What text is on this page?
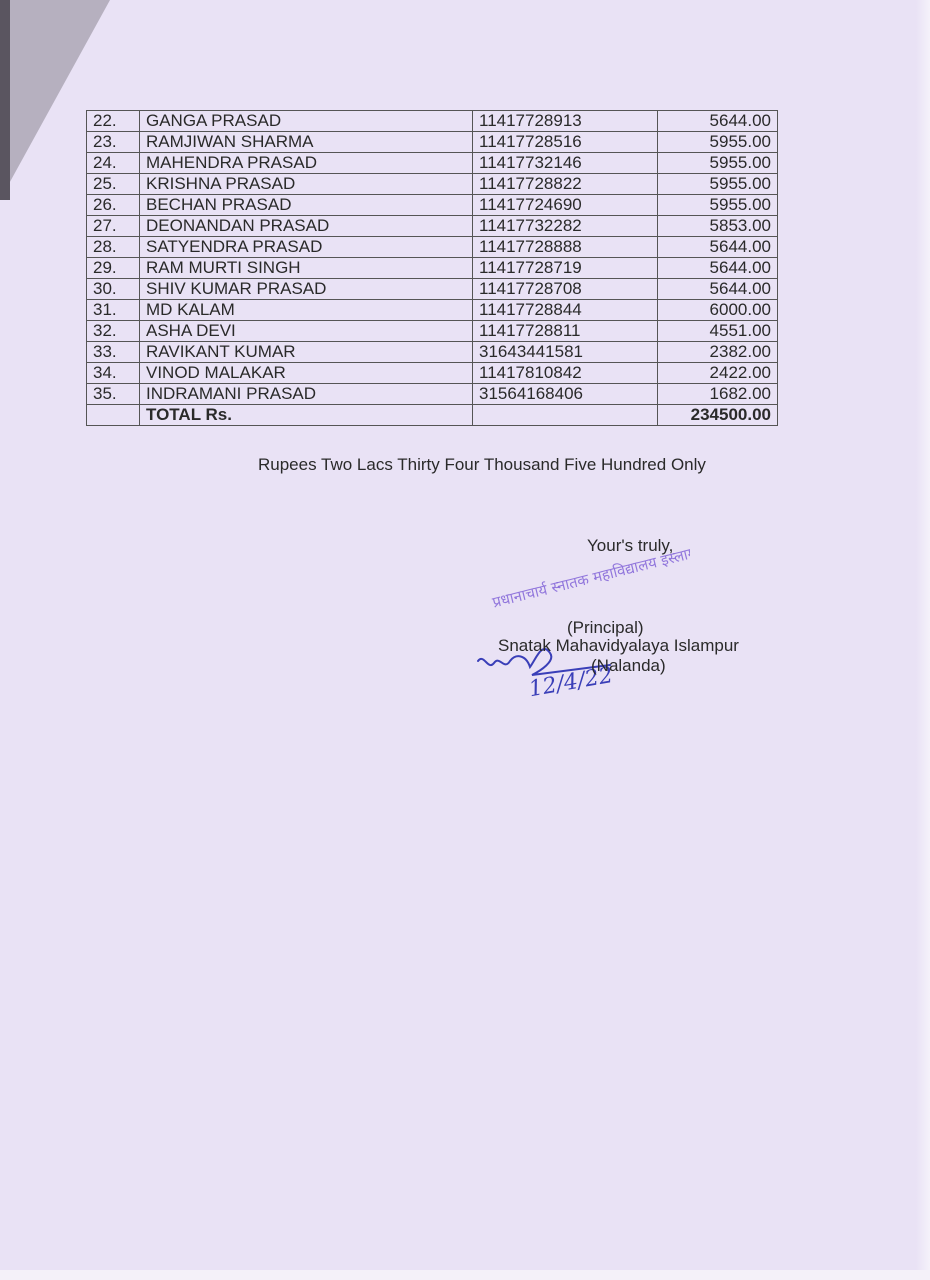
22.	GANGA PRASAD	11417728913	5644.00
23.	RAMJIWAN SHARMA	11417728516	5955.00
24.	MAHENDRA PRASAD	11417732146	5955.00
25.	KRISHNA PRASAD	11417728822	5955.00
26.	BECHAN PRASAD	11417724690	5955.00
27.	DEONANDAN PRASAD	11417732282	5853.00
28.	SATYENDRA PRASAD	11417728888	5644.00
29.	RAM MURTI SINGH	11417728719	5644.00
30.	SHIV KUMAR PRASAD	11417728708	5644.00
31.	MD KALAM	11417728844	6000.00
32.	ASHA DEVI	11417728811	4551.00
33.	RAVIKANT KUMAR	31643441581	2382.00
34.	VINOD MALAKAR	11417810842	2422.00
35.	INDRAMANI PRASAD	31564168406	1682.00
	TOTAL Rs.		234500.00
Rupees Two Lacs Thirty Four Thousand Five Hundred Only
Your's truly,
प्रधानाचार्य स्नातक महाविद्यालय इस्लामपुर

12/4/22
(Principal)
Snatak Mahavidyalaya Islampur
(Nalanda)
